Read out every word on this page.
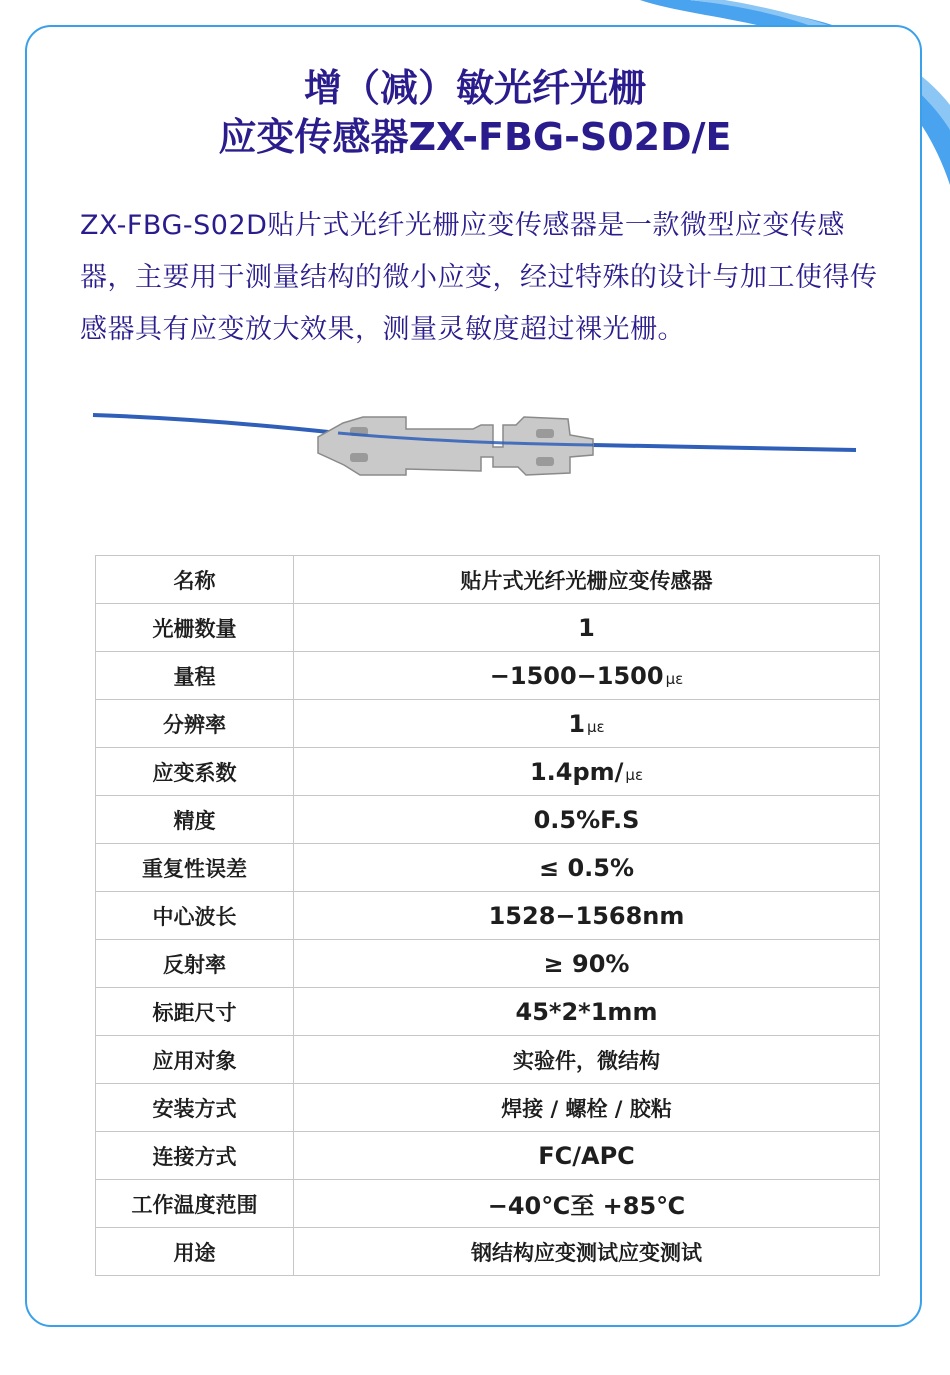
增（减）敏光纤光栅
应变传感器ZX-FBG-S02D/E
ZX-FBG-S02D贴片式光纤光栅应变传感器是一款微型应变传感器，主要用于测量结构的微小应变，经过特殊的设计与加工使得传感器具有应变放大效果，测量灵敏度超过裸光栅。
名称	贴片式光纤光栅应变传感器
光栅数量	1
量程	−1500−1500 με
分辨率	1 με
应变系数	1.4pm/ με
精度	0.5%F.S
重复性误差	≤ 0.5%
中心波长	1528−1568nm
反射率	≥ 90%
标距尺寸	45*2*1mm
应用对象	实验件，微结构
安装方式	焊接 / 螺栓 / 胶粘
连接方式	FC/APC
工作温度范围	−40℃至 +85℃
用途	钢结构应变测试应变测试
